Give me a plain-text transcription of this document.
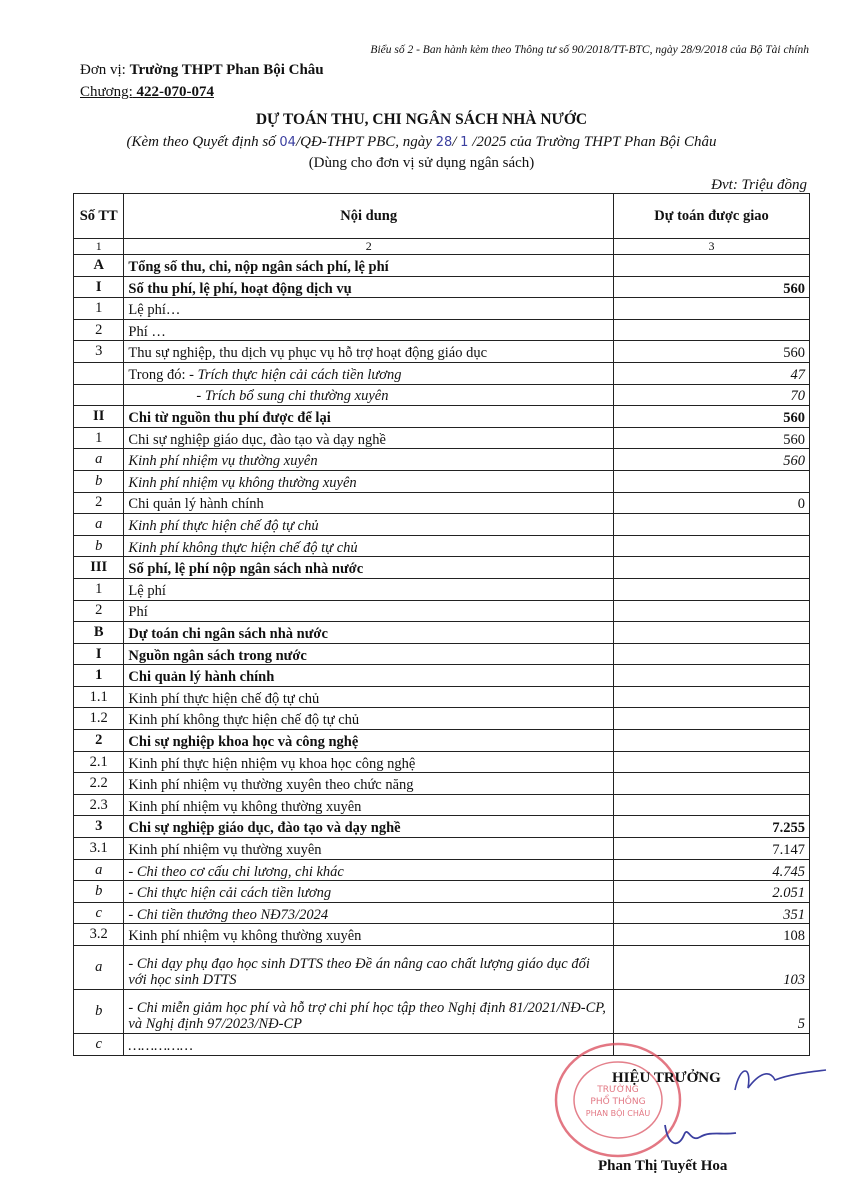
Biểu số 2 - Ban hành kèm theo Thông tư số 90/2018/TT-BTC, ngày 28/9/2018 của Bộ Tài chính
Đơn vị: Trường THPT Phan Bội Châu
Chương: 422-070-074
DỰ TOÁN THU, CHI NGÂN SÁCH NHÀ NƯỚC
(Kèm theo Quyết định số 04/QĐ-THPT PBC, ngày 28/ 1 /2025 của Trường THPT Phan Bội Châu
(Dùng cho đơn vị sử dụng ngân sách)
Đvt: Triệu đồng
Số TT	Nội dung	Dự toán được giao
1	2	3
A	Tổng số thu, chi, nộp ngân sách phí, lệ phí	
I	Số thu phí, lệ phí, hoạt động dịch vụ	560
1	Lệ phí…	
2	Phí …	
3	Thu sự nghiệp, thu dịch vụ phục vụ hỗ trợ hoạt động giáo dục	560
	Trong đó: - Trích thực hiện cải cách tiền lương	47
	- Trích bổ sung chi thường xuyên	70
II	Chi từ nguồn thu phí được để lại	560
1	Chi sự nghiệp giáo dục, đào tạo và dạy nghề	560
a	Kinh phí nhiệm vụ thường xuyên	560
b	Kinh phí nhiệm vụ không thường xuyên	
2	Chi quản lý hành chính	0
a	Kinh phí thực hiện chế độ tự chủ	
b	Kinh phí không thực hiện chế độ tự chủ	
III	Số phí, lệ phí nộp ngân sách nhà nước	
1	Lệ phí	
2	Phí	
B	Dự toán chi ngân sách nhà nước	
I	Nguồn ngân sách trong nước	
1	Chi quản lý hành chính	
1.1	Kinh phí thực hiện chế độ tự chủ	
1.2	Kinh phí không thực hiện chế độ tự chủ	
2	Chi sự nghiệp khoa học và công nghệ	
2.1	Kinh phí thực hiện nhiệm vụ khoa học công nghệ	
2.2	Kinh phí nhiệm vụ thường xuyên theo chức năng	
2.3	Kinh phí nhiệm vụ không thường xuyên	
3	Chi sự nghiệp giáo dục, đào tạo và dạy nghề	7.255
3.1	Kinh phí nhiệm vụ thường xuyên	7.147
a	- Chi theo cơ cấu chi lương, chi khác	4.745
b	- Chi thực hiện cải cách tiền lương	2.051
c	- Chi tiền thưởng theo NĐ73/2024	351
3.2	Kinh phí nhiệm vụ không thường xuyên	108
a	- Chi dạy phụ đạo học sinh DTTS theo Đề án nâng cao chất lượng giáo dục đối với học sinh DTTS	103
b	- Chi miễn giảm học phí và hỗ trợ chi phí học tập theo Nghị định 81/2021/NĐ-CP, và Nghị định 97/2023/NĐ-CP	5
c	……………	
TRƯỜNG
PHỔ THÔNG
PHAN BỘI CHÂU
HIỆU TRƯỞNG
Phan Thị Tuyết Hoa
